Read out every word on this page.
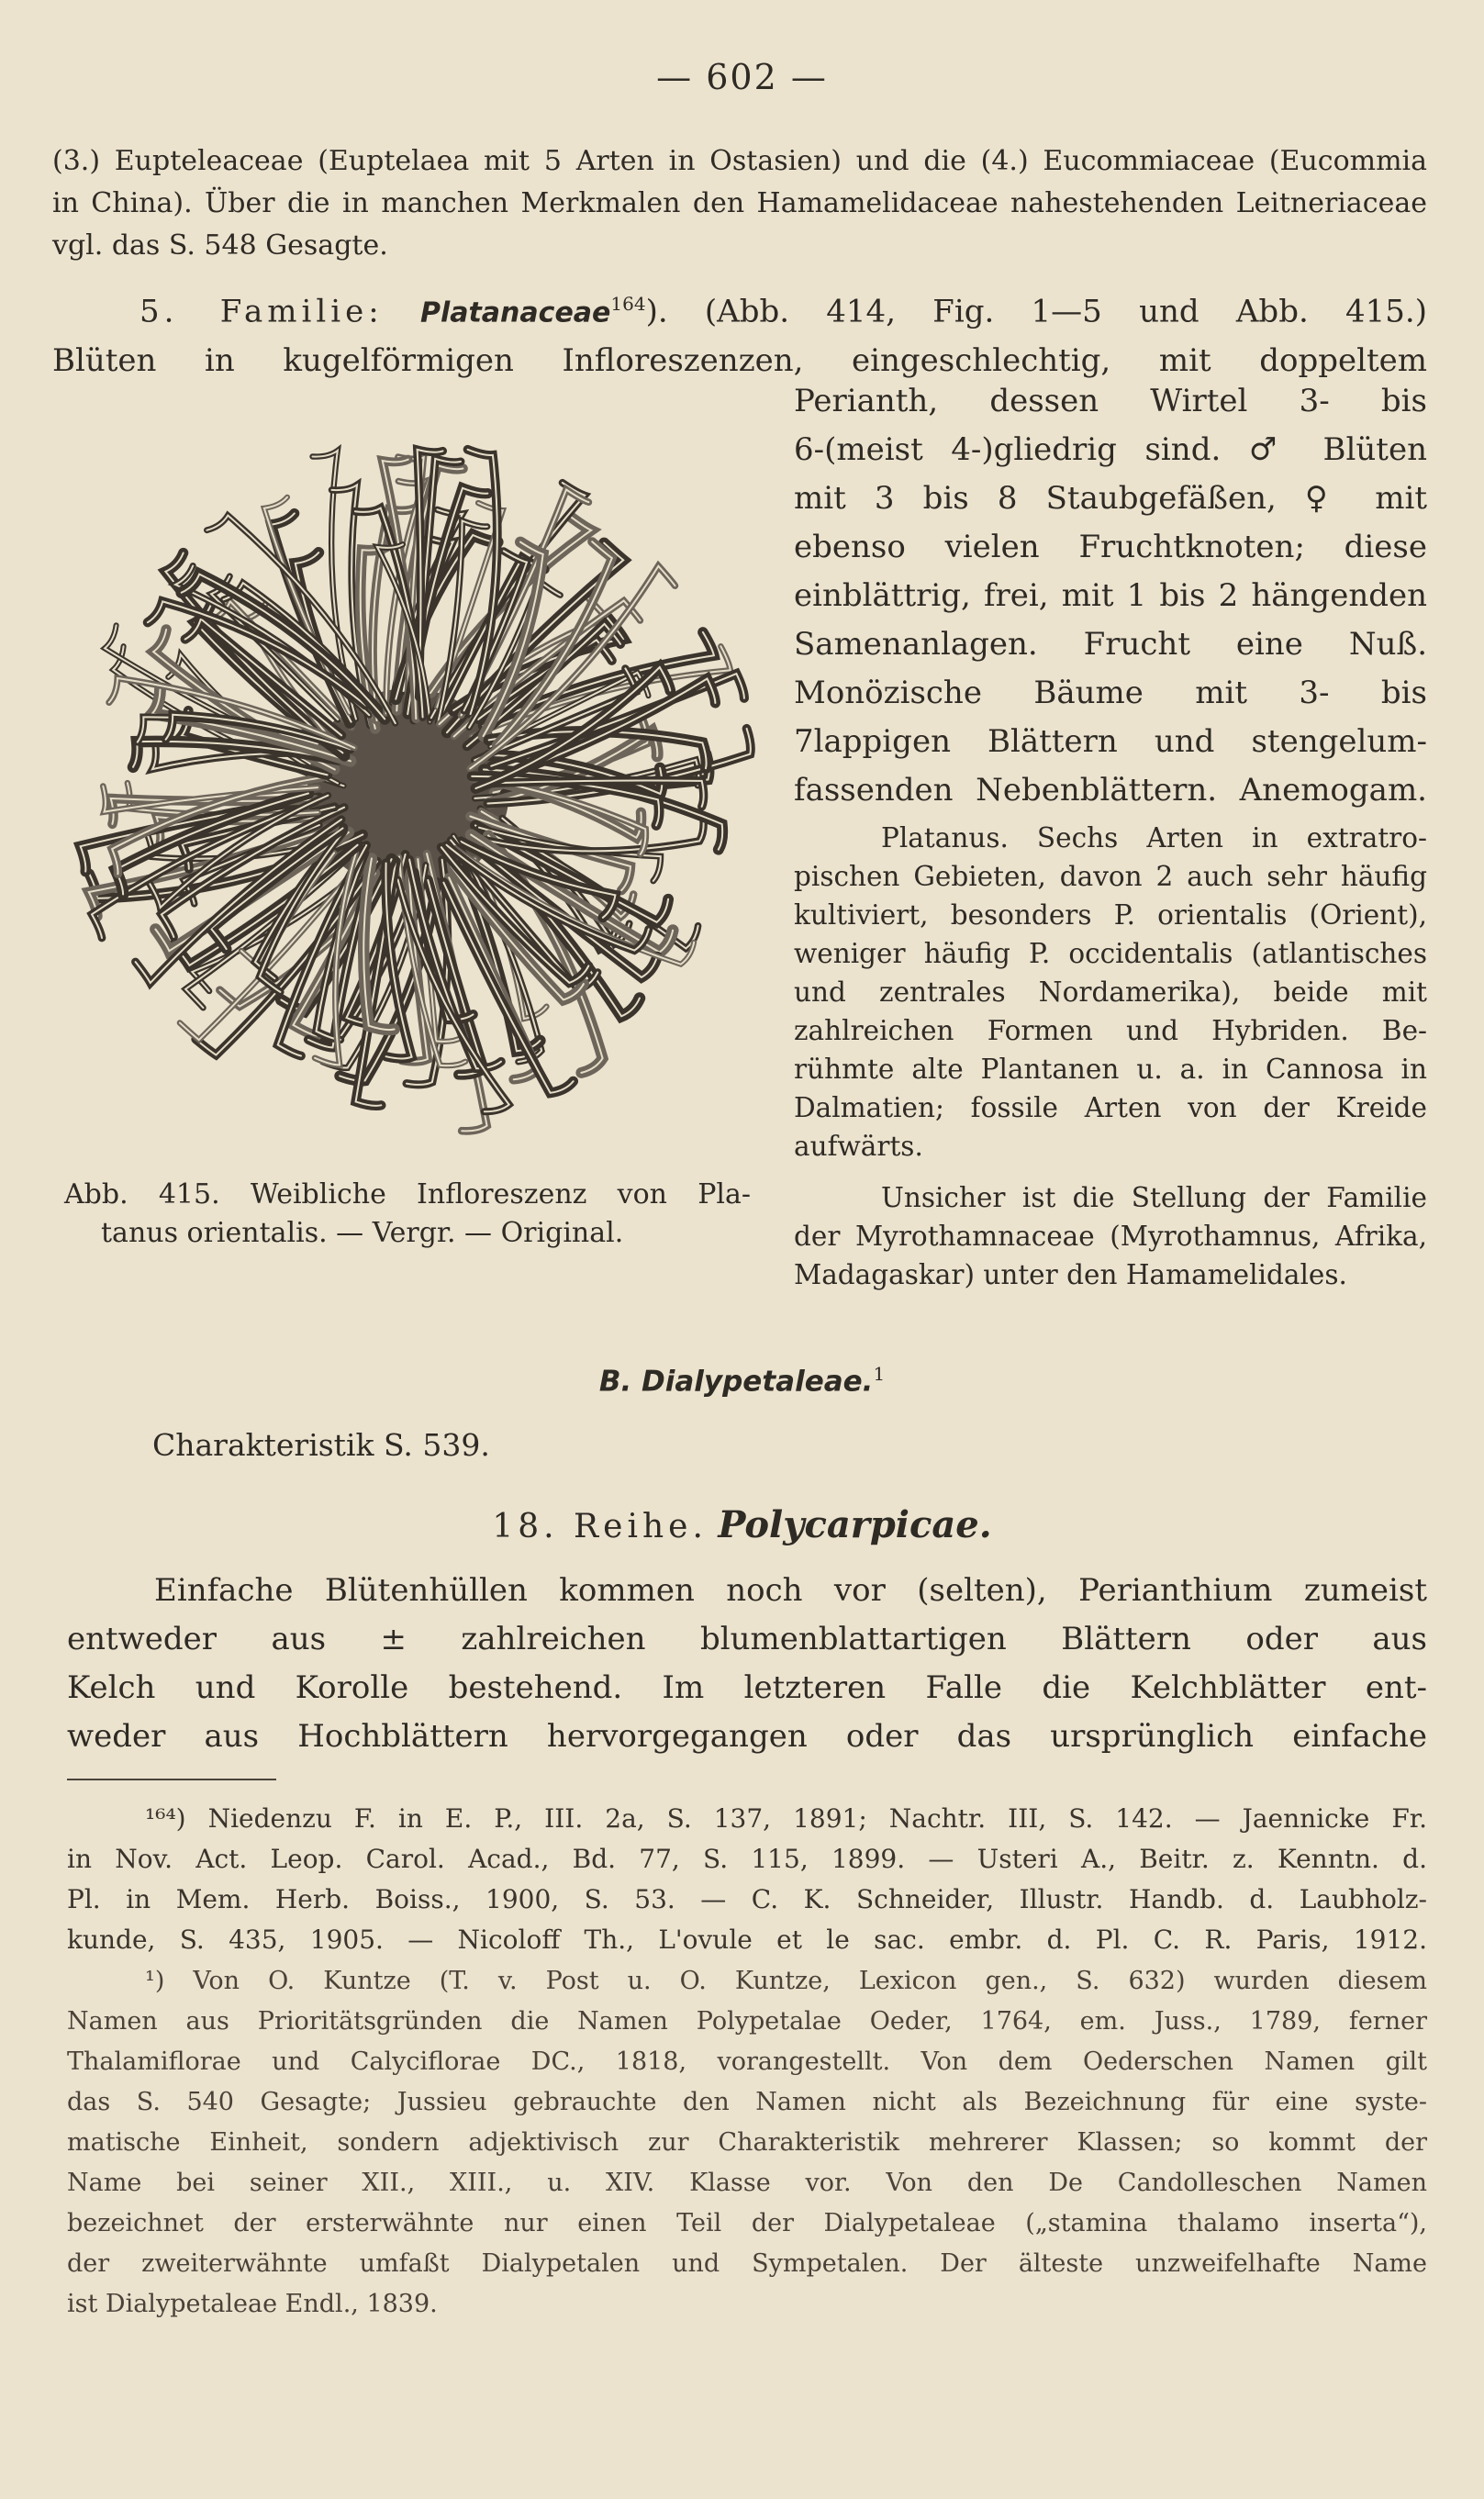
— 602 —
(3.) Eupteleaceae (Euptelaea mit 5 Arten in Ostasien) und die (4.) Eucommiaceae (Eucommia
in China). Über die in manchen Merkmalen den Hamamelidaceae nahestehenden Leitneriaceae
vgl. das S. 548 Gesagte.
5. Familie: Platanaceae$^{164}$). (Abb. 414, Fig. 1—5 und Abb. 415.)
Blüten in kugelförmigen Infloreszenzen, eingeschlechtig, mit doppeltem
Perianth, dessen Wirtel 3- bis
6-(meist 4-)gliedrig sind. ♂ Blüten
mit 3 bis 8 Staubgefäßen, ♀ mit
ebenso vielen Fruchtknoten; diese
einblättrig, frei, mit 1 bis 2 hängenden
Samenanlagen. Frucht eine Nuß.
Monözische Bäume mit 3- bis
7lappigen Blättern und stengelum-
fassenden Nebenblättern. Anemogam.
Platanus. Sechs Arten in extratro-
pischen Gebieten, davon 2 auch sehr häufig
kultiviert, besonders P. orientalis (Orient),
weniger häufig P. occidentalis (atlantisches
und zentrales Nordamerika), beide mit
zahlreichen Formen und Hybriden. Be-
rühmte alte Plantanen u. a. in Cannosa in
Dalmatien; fossile Arten von der Kreide
aufwärts.
Unsicher ist die Stellung der Familie
der Myrothamnaceae (Myrothamnus, Afrika,
Madagaskar) unter den Hamamelidales.
Abb. 415. Weibliche Infloreszenz von Pla-
tanus orientalis. — Vergr. — Original.
B. Dialypetaleae.$^1$
Charakteristik S. 539.
18. Reihe. Polycarpicae.
Einfache Blütenhüllen kommen noch vor (selten), Perianthium zumeist
entweder aus ± zahlreichen blumenblattartigen Blättern oder aus
Kelch und Korolle bestehend. Im letzteren Falle die Kelchblätter ent-
weder aus Hochblättern hervorgegangen oder das ursprünglich einfache
¹⁶⁴) Niedenzu F. in E. P., III. 2a, S. 137, 1891; Nachtr. III, S. 142. — Jaennicke Fr.
in Nov. Act. Leop. Carol. Acad., Bd. 77, S. 115, 1899. — Usteri A., Beitr. z. Kenntn. d.
Pl. in Mem. Herb. Boiss., 1900, S. 53. — C. K. Schneider, Illustr. Handb. d. Laubholz-
kunde, S. 435, 1905. — Nicoloff Th., L'ovule et le sac. embr. d. Pl. C. R. Paris, 1912.
¹) Von O. Kuntze (T. v. Post u. O. Kuntze, Lexicon gen., S. 632) wurden diesem
Namen aus Prioritätsgründen die Namen Polypetalae Oeder, 1764, em. Juss., 1789, ferner
Thalamiflorae und Calyciflorae DC., 1818, vorangestellt. Von dem Oederschen Namen gilt
das S. 540 Gesagte; Jussieu gebrauchte den Namen nicht als Bezeichnung für eine syste-
matische Einheit, sondern adjektivisch zur Charakteristik mehrerer Klassen; so kommt der
Name bei seiner XII., XIII., u. XIV. Klasse vor. Von den De Candolleschen Namen
bezeichnet der ersterwähnte nur einen Teil der Dialypetaleae („stamina thalamo inserta“),
der zweiterwähnte umfaßt Dialypetalen und Sympetalen. Der älteste unzweifelhafte Name
ist Dialypetaleae Endl., 1839.
